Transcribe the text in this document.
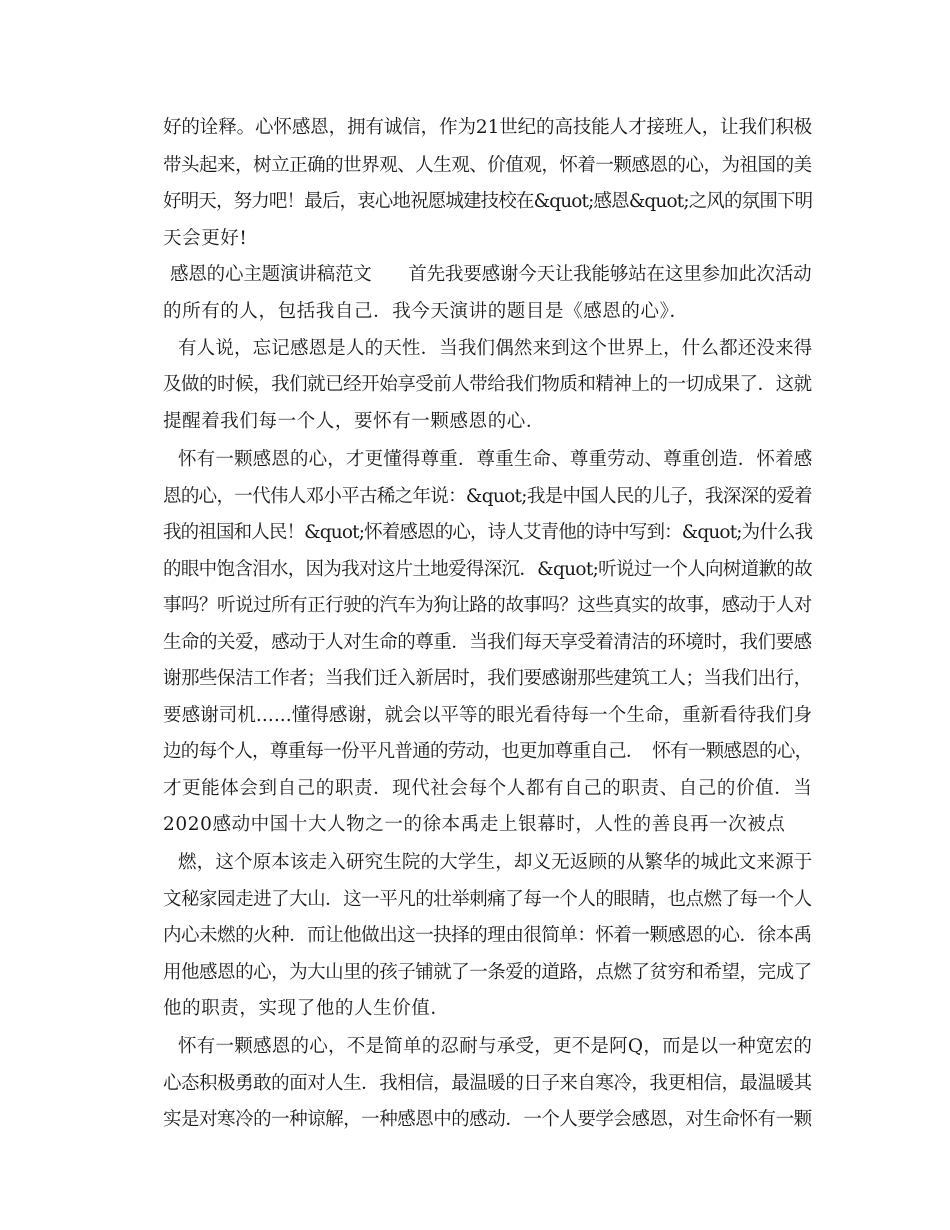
好的诠释。心怀感恩，拥有诚信，作为21世纪的高技能人才接班人，让我们积极
带头起来，树立正确的世界观、人生观、价值观，怀着一颗感恩的心，为祖国的美
好明天，努力吧！最后，衷心地祝愿城建技校在&quot;感恩&quot;之风的氛围下明
天会更好!
感恩的心主题演讲稿范文　　首先我要感谢今天让我能够站在这里参加此次活动
的所有的人，包括我自己．我今天演讲的题目是《感恩的心》．
有人说，忘记感恩是人的天性．当我们偶然来到这个世界上，什么都还没来得
及做的时候，我们就已经开始享受前人带给我们物质和精神上的一切成果了．这就
提醒着我们每一个人，要怀有一颗感恩的心．
怀有一颗感恩的心，才更懂得尊重．尊重生命、尊重劳动、尊重创造．怀着感
恩的心，一代伟人邓小平古稀之年说：&quot;我是中国人民的儿子，我深深的爱着
我的祖国和人民！&quot;怀着感恩的心，诗人艾青他的诗中写到：&quot;为什么我
的眼中饱含泪水，因为我对这片土地爱得深沉．&quot;听说过一个人向树道歉的故
事吗？听说过所有正行驶的汽车为狗让路的故事吗？这些真实的故事，感动于人对
生命的关爱，感动于人对生命的尊重．当我们每天享受着清洁的环境时，我们要感
谢那些保洁工作者；当我们迁入新居时，我们要感谢那些建筑工人；当我们出行，
要感谢司机......懂得感谢，就会以平等的眼光看待每一个生命，重新看待我们身
边的每个人，尊重每一份平凡普通的劳动，也更加尊重自己．　怀有一颗感恩的心，
才更能体会到自己的职责．现代社会每个人都有自己的职责、自己的价值．当
2020感动中国十大人物之一的徐本禹走上银幕时，人性的善良再一次被点
燃，这个原本该走入研究生院的大学生，却义无返顾的从繁华的城此文来源于
文秘家园走进了大山．这一平凡的壮举刺痛了每一个人的眼睛，也点燃了每一个人
内心未燃的火种．而让他做出这一抉择的理由很简单：怀着一颗感恩的心．徐本禹
用他感恩的心，为大山里的孩子铺就了一条爱的道路，点燃了贫穷和希望，完成了
他的职责，实现了他的人生价值．
怀有一颗感恩的心，不是简单的忍耐与承受，更不是阿Q，而是以一种宽宏的
心态积极勇敢的面对人生．我相信，最温暖的日子来自寒冷，我更相信，最温暖其
实是对寒冷的一种谅解，一种感恩中的感动．一个人要学会感恩，对生命怀有一颗
